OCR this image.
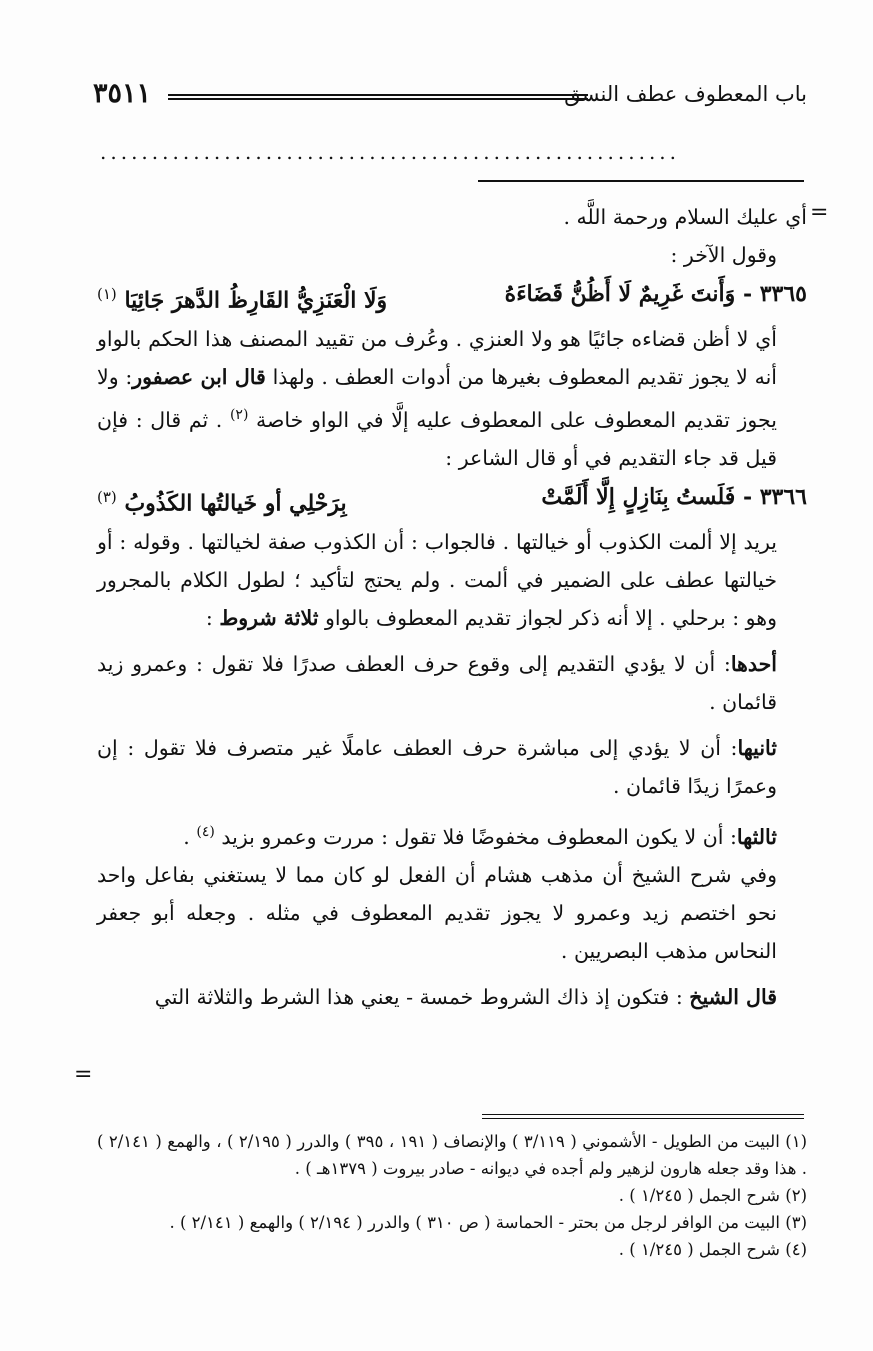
باب المعطوف عطف النسق
٣٥١١
........................................................
=

أي عليك السلام ورحمة اللَّه .

وقول الآخر :

٣٣٦٥ - وَأَنتَ غَرِيمٌ لَا أَظُنُّ قَضَاءَهُ
وَلَا الْعَنَزِيُّ القَارِظُ الدَّهرَ جَائِيَا $^{(١)}$

أي لا أظن قضاءه جائيًا هو ولا العنزي . وعُرف من تقييد المصنف هذا الحكم بالواو أنه لا يجوز تقديم المعطوف بغيرها من أدوات العطف . ولهذا قال ابن عصفور: ولا يجوز تقديم المعطوف على المعطوف عليه إلَّا في الواو خاصة $^{(٢)}$ . ثم قال : فإن قيل قد جاء التقديم في أو قال الشاعر :

٣٣٦٦ - فَلَستُ بِنَازِلٍ إِلَّا أَلَمَّتْ
بِرَحْلِي أو خَيالتُها الكَذُوبُ $^{(٣)}$

يريد إلا ألمت الكذوب أو خيالتها . فالجواب : أن الكذوب صفة لخيالتها . وقوله : أو خيالتها عطف على الضمير في ألمت . ولم يحتج لتأكيد ؛ لطول الكلام بالمجرور وهو : برحلي . إلا أنه ذكر لجواز تقديم المعطوف بالواو ثلاثة شروط :

أحدها: أن لا يؤدي التقديم إلى وقوع حرف العطف صدرًا فلا تقول : وعمرو زيد قائمان .

ثانيها: أن لا يؤدي إلى مباشرة حرف العطف عاملًا غير متصرف فلا تقول : إن وعمرًا زيدًا قائمان .

ثالثها: أن لا يكون المعطوف مخفوضًا فلا تقول : مررت وعمرو بزيد $^{(٤)}$ .

وفي شرح الشيخ أن مذهب هشام أن الفعل لو كان مما لا يستغني بفاعل واحد نحو اختصم زيد وعمرو لا يجوز تقديم المعطوف في مثله . وجعله أبو جعفر النحاس مذهب البصريين .

قال الشيخ : فتكون إذ ذاك الشروط خمسة - يعني هذا الشرط والثلاثة التي

=

(١) البيت من الطويل - الأشموني ( ٣/١١٩ ) والإنصاف ( ١٩١ ، ٣٩٥ ) والدرر ( ٢/١٩٥ ) ، والهمع ( ٢/١٤١ ) . هذا وقد جعله هارون لزهير ولم أجده في ديوانه - صادر بيروت ( ١٣٧٩هـ ) .

(٢) شرح الجمل ( ١/٢٤٥ ) .

(٣) البيت من الوافر لرجل من بحتر - الحماسة ( ص ٣١٠ ) والدرر ( ٢/١٩٤ ) والهمع ( ٢/١٤١ ) .

(٤) شرح الجمل ( ١/٢٤٥ ) .
